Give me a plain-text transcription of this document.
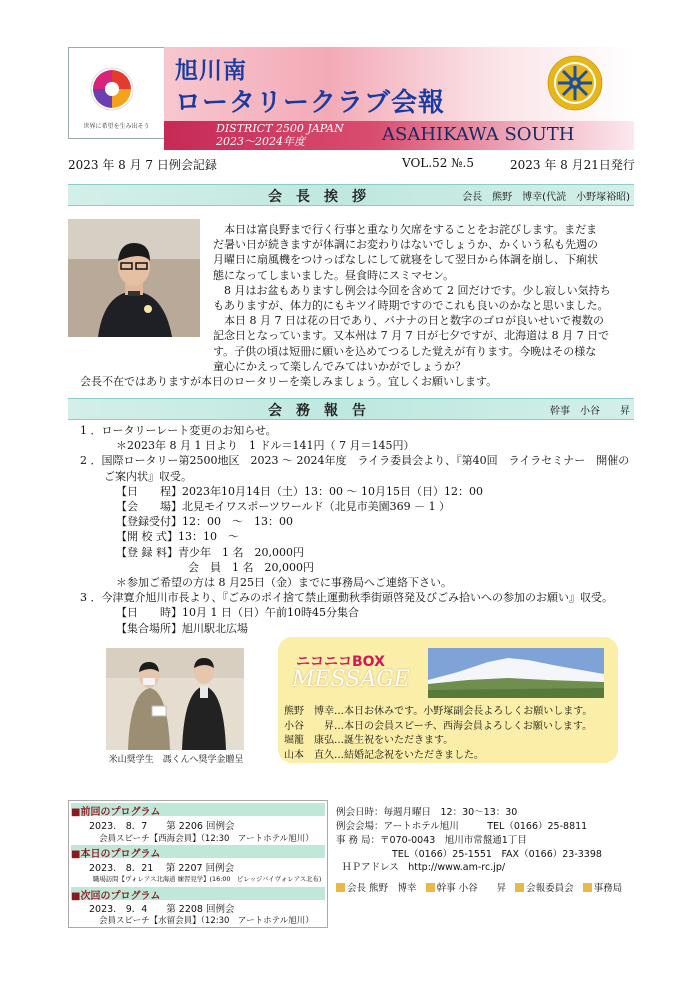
世界に希望を生み出そう
旭川南
ロータリークラブ会報
DISTRICT 2500 JAPAN
2023～2024年度	ASAHIKAWA SOUTH
2023 年 8 月 7 日例会記録	VOL.52 №.5	2023 年 8 月21日発行
会長挨拶	会長　熊野　博幸(代読　小野塚裕昭)
本日は富良野まで行く行事と重なり欠席をすることをお詫びします。まだま
だ暑い日が続きますが体調にお変わりはないでしょうか、かくいう私も先週の
月曜日に扇風機をつけっぱなしにして就寝をして翌日から体調を崩し、下痢状
態になってしまいました。昼食時にスミマセン。
8 月はお盆もありますし例会は今回を含めて 2 回だけです。少し寂しい気持ち
もありますが、体力的にもキツイ時期ですのでこれも良いのかなと思いました。
本日 8 月 7 日は花の日であり、バナナの日と数字のゴロが良いせいで複数の
記念日となっています。又本州は 7 月 7 日が七夕ですが、北海道は 8 月 7 日で
す。子供の頃は短冊に願いを込めてつるした覚えが有ります。今晩はその様な
童心にかえって楽しんでみてはいかがでしょうか？
会長不在ではありますが本日のロータリーを楽しみましょう。宜しくお願いします。
会務報告	幹事　小谷　　昇
1 ．ロータリーレート変更のお知らせ。
＊2023年 8 月 1 日より　1 ドル＝141円（ 7 月＝145円）
2 ．国際ロータリー第2500地区　2023 ～ 2024年度　ライラ委員会より、『第40回　ライラセミナー　開催の
ご案内状』収受。
【日　　程】2023年10月14日（土）13：00 ～ 10月15日（日）12：00
【会　　場】北見モイワスポーツワールド（北見市美園369 － 1 ）
【登録受付】12：00　～　13：00
【開 校 式】13：10　～
【登 録 料】青少年　1 名　20,000円
会　員　1 名　20,000円
＊参加ご希望の方は 8 月25日（金）までに事務局へご連絡下さい。
3 ．今津寛介旭川市長より、『ごみのポイ捨て禁止運動秋季街頭啓発及びごみ拾いへの参加のお願い』収受。
【日　　時】10月 1 日（日）午前10時45分集合
【集合場所】旭川駅北広場
米山奨学生　馮くんへ奨学金贈呈
ニコニコBOX
MESSAGE
熊野　博幸…本日お休みです。小野塚副会長よろしくお願いします。
小谷　　昇…本日の会員スピーチ、西海会員よろしくお願いします。
堀籠　康弘…誕生祝をいただきます。
山本　直久…結婚記念祝をいただきました。
■前回のプログラム
2023.　8．7　　第 2206 回例会
会員スピーチ【西海会員】（12:30　アートホテル旭川）
■本日のプログラム
2023.　8．21　 第 2207 回例会
職場訪問【ヴォレアス北海道 練習見学】(16:00　ビレッジバイヴォレアス北布)
■次回のプログラム
2023.　9．4　　第 2208 回例会
会員スピーチ【水留会員】（12:30　アートホテル旭川）
例会日時：毎週月曜日　12：30～13：30
例会会場：アートホテル旭川　　　TEL（0166）25-8811
事 務 局：〒070-0043　旭川市常盤通1丁目
TEL（0166）25-1551　FAX（0166）23-3398
ＨＰアドレス　http://www.am-rc.jp/
会長 熊野　博幸 幹事 小谷　　昇 会報委員会 事務局
